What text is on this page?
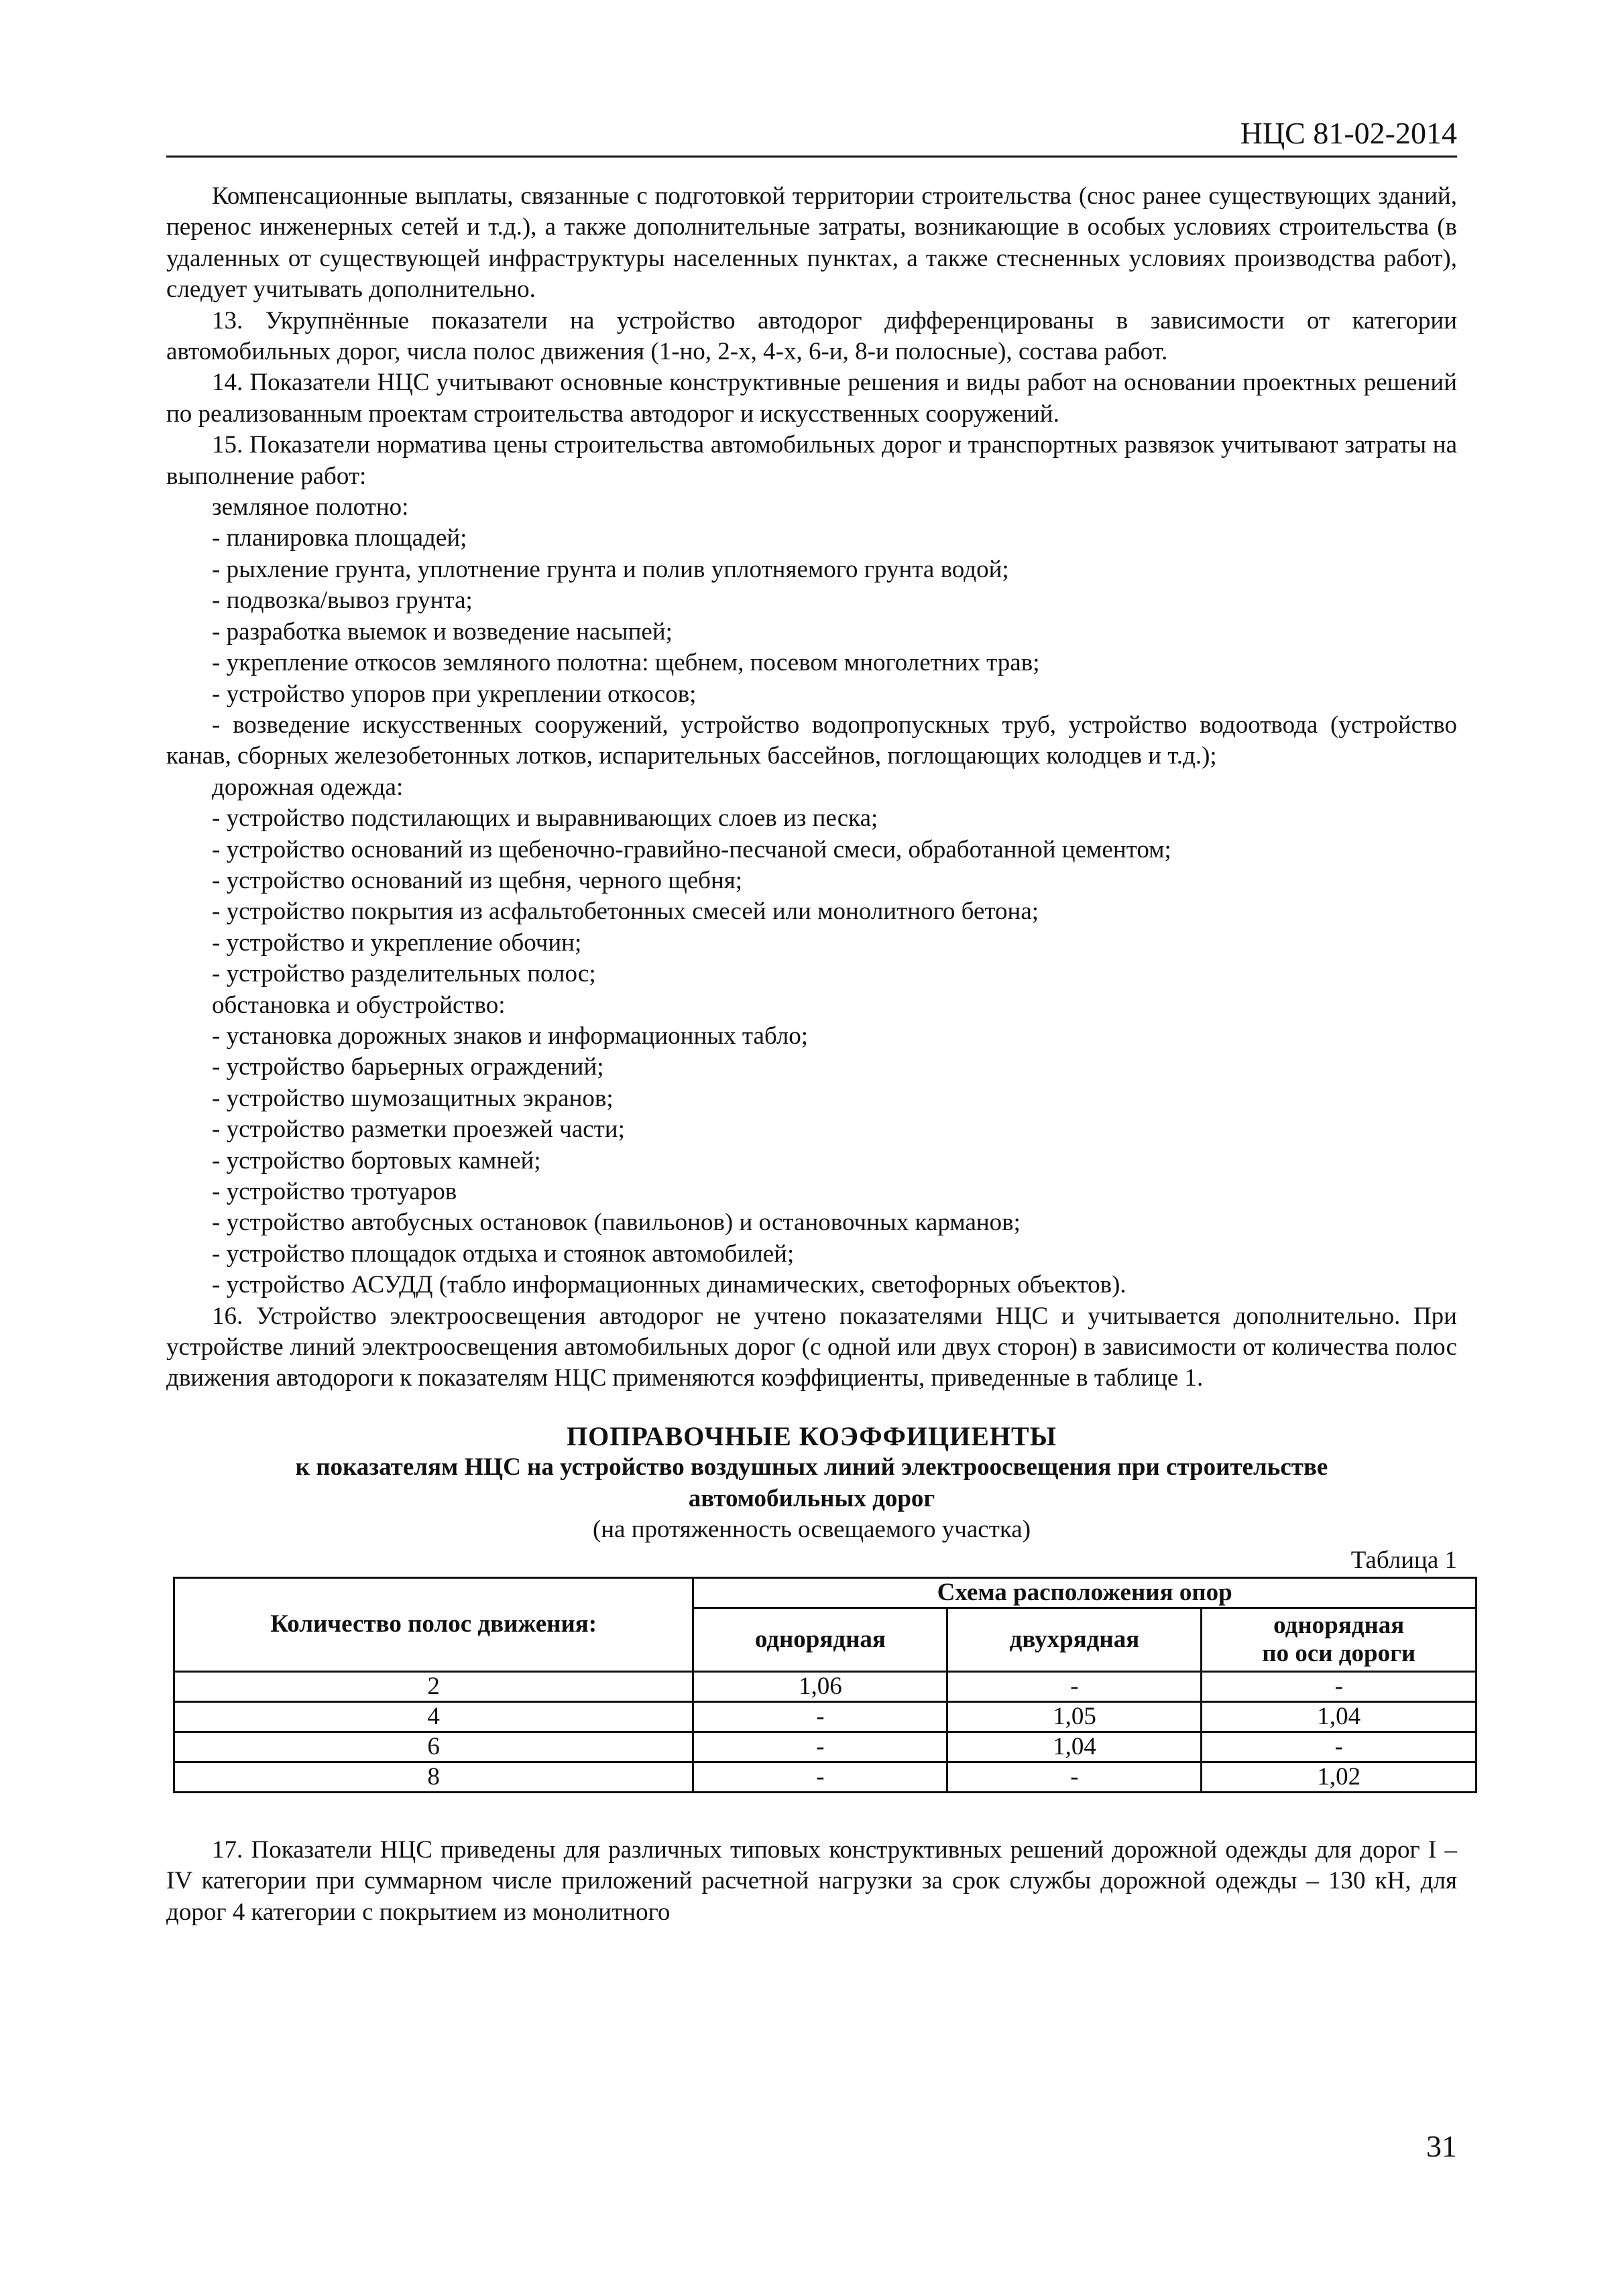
НЦС 81-02-2014

Компенсационные выплаты, связанные с подготовкой территории строительства (снос ранее существующих зданий, перенос инженерных сетей и т.д.), а также дополнительные затраты, возникающие в особых условиях строительства (в удаленных от существующей инфраструктуры населенных пунктах, а также стесненных условиях производства работ), следует учитывать дополнительно.

13. Укрупнённые показатели на устройство автодорог дифференцированы в зависимости от категории автомобильных дорог, числа полос движения (1-но, 2-х, 4-х, 6-и, 8-и полосные), состава работ.

14. Показатели НЦС учитывают основные конструктивные решения и виды работ на основании проектных решений по реализованным проектам строительства автодорог и искусственных сооружений.

15. Показатели норматива цены строительства автомобильных дорог и транспортных развязок учитывают затраты на выполнение работ:

земляное полотно:

- планировка площадей;

- рыхление грунта, уплотнение грунта и полив уплотняемого грунта водой;

- подвозка/вывоз грунта;

- разработка выемок и возведение насыпей;

- укрепление откосов земляного полотна: щебнем, посевом многолетних трав;

- устройство упоров при укреплении откосов;

- возведение искусственных сооружений, устройство водопропускных труб, устройство водоотвода (устройство канав, сборных железобетонных лотков, испарительных бассейнов, поглощающих колодцев и т.д.);

дорожная одежда:

- устройство подстилающих и выравнивающих слоев из песка;

- устройство оснований из щебеночно-гравийно-песчаной смеси, обработанной цементом;

- устройство оснований из щебня, черного щебня;

- устройство покрытия из асфальтобетонных смесей или монолитного бетона;

- устройство и укрепление обочин;

- устройство разделительных полос;

обстановка и обустройство:

- установка дорожных знаков и информационных табло;

- устройство барьерных ограждений;

- устройство шумозащитных экранов;

- устройство разметки проезжей части;

- устройство бортовых камней;

- устройство тротуаров

- устройство автобусных остановок (павильонов) и остановочных карманов;

- устройство площадок отдыха и стоянок автомобилей;

- устройство АСУДД (табло информационных динамических, светофорных объектов).

16. Устройство электроосвещения автодорог не учтено показателями НЦС и учитывается дополнительно. При устройстве линий электроосвещения автомобильных дорог (с одной или двух сторон) в зависимости от количества полос движения автодороги к показателям НЦС применяются коэффициенты, приведенные в таблице 1.

ПОПРАВОЧНЫЕ КОЭФФИЦИЕНТЫ

к показателям НЦС на устройство воздушных линий электроосвещения при строительстве

автомобильных дорог

(на протяженность освещаемого участка)

Таблица 1

Количество полос движения:	Схема расположения опор		
	однорядная	двухрядная	однорядная
по оси дороги
2	1,06	-	-
4	-	1,05	1,04
6	-	1,04	-
8	-	-	1,02

17. Показатели НЦС приведены для различных типовых конструктивных решений дорожной одежды для дорог I – IV категории при суммарном числе приложений расчетной нагрузки за срок службы дорожной одежды – 130 кН, для дорог 4 категории с покрытием из монолитного

31
